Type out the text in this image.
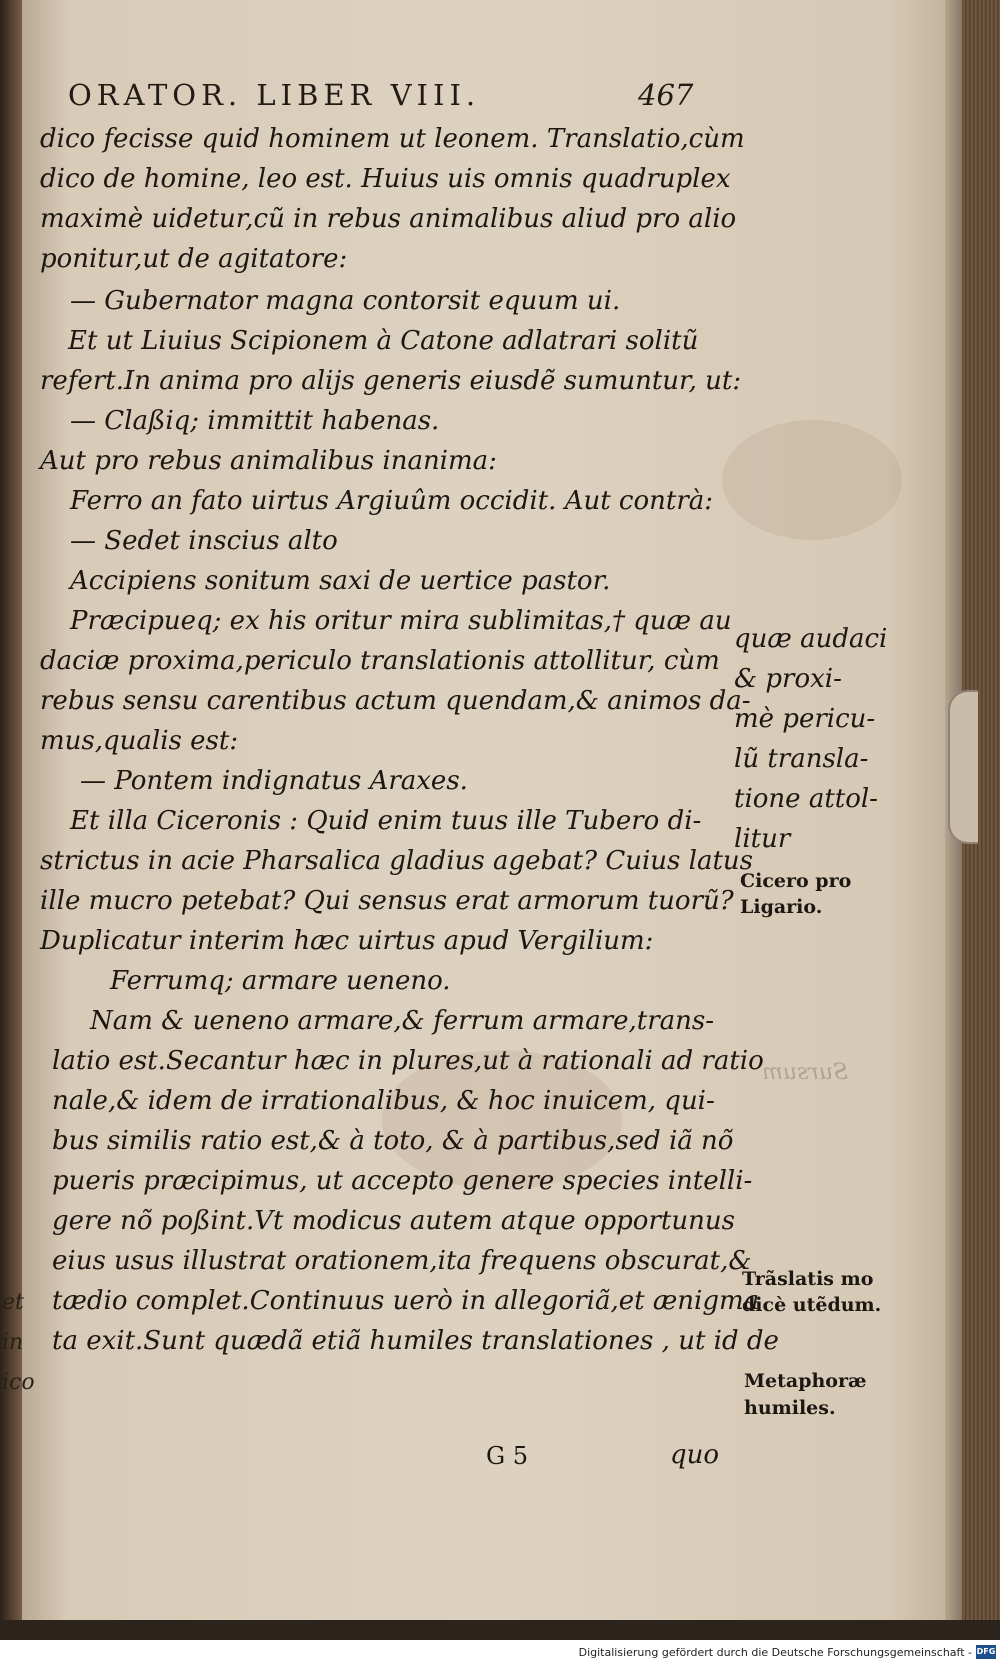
Sursum
et
in
ico
ORATOR. LIBER VIII.	467
dico fecisse quid hominem ut leonem. Translatio,cùm
dico de homine, leo est. Huius uis omnis quadruplex
maximè uidetur,cũ in rebus animalibus aliud pro alio
ponitur,ut de agitatore:
— Gubernator magna contorsit equum ui.
Et ut Liuius Scipionem à Catone adlatrari solitũ
refert.In anima pro alijs generis eiusdẽ sumuntur, ut:
— Claßiq; immittit habenas.
Aut pro rebus animalibus inanima:
Ferro an fato uirtus Argiuûm occidit. Aut contrà:
— Sedet inscius alto
Accipiens sonitum saxi de uertice pastor.
Præcipueq; ex his oritur mira sublimitas,† quæ au
daciæ proxima,periculo translationis attollitur, cùm
rebus sensu carentibus actum quendam,& animos da-
mus,qualis est:
— Pontem indignatus Araxes.
Et illa Ciceronis : Quid enim tuus ille Tubero di-
strictus in acie Pharsalica gladius agebat? Cuius latus
ille mucro petebat? Qui sensus erat armorum tuorũ?
Duplicatur interim hæc uirtus apud Vergilium:
Ferrumq; armare ueneno.
Nam & ueneno armare,& ferrum armare,trans-
latio est.Secantur hæc in plures,ut à rationali ad ratio
nale,& idem de irrationalibus, & hoc inuicem, qui-
bus similis ratio est,& à toto, & à partibus,sed iã nõ
pueris præcipimus, ut accepto genere species intelli-
gere nõ poßint.Vt modicus autem atque opportunus
eius usus illustrat orationem,ita frequens obscurat,&
tædio complet.Continuus uerò in allegoriã,et ænigma
ta exit.Sunt quædã etiã humiles translationes , ut id de
quæ audaci
& proxi-
mè pericu-
lũ transla-
tione attol-
litur
Cicero pro
Ligario.
Trãslatis mo
dicè utẽdum.
Metaphoræ
humiles.
G 5	quo
Digitalisierung gefördert durch die Deutsche Forschungsgemeinschaft - DFG
